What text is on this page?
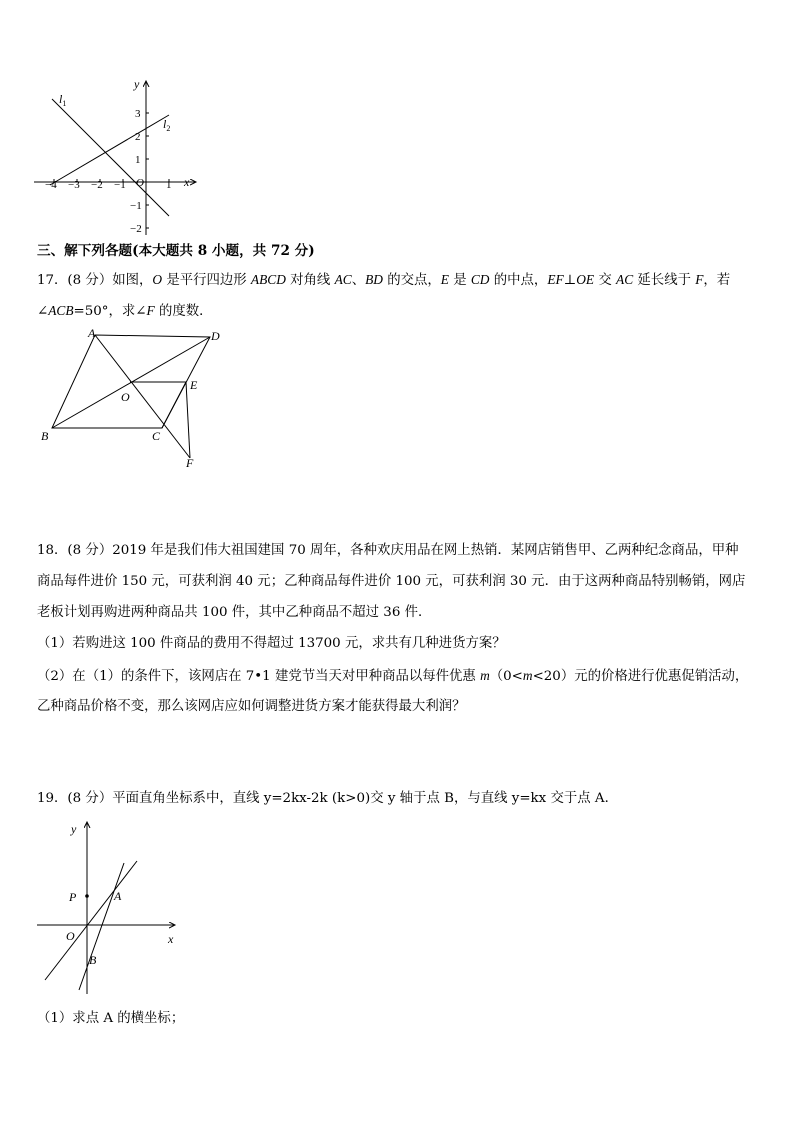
x
y
O
−4 −3 −2 −1	1
3
2
1
−1
−2
$l_1$
$l_2$

三、解下列各题(本大题共 8 小题，共 72 分)

17．(8 分）如图，O 是平行四边形 ABCD 对角线 AC、BD 的交点，E 是 CD 的中点，EF⊥OE 交 AC 延长线于 F，若

∠ACB=50°，求∠F 的度数．

A	D
E
O
B	C
F

18．(8 分）2019 年是我们伟大祖国建国 70 周年，各种欢庆用品在网上热销．某网店销售甲、乙两种纪念商品，甲种

商品每件进价 150 元，可获利润 40 元；乙种商品每件进价 100 元，可获利润 30 元．由于这两种商品特别畅销，网店

老板计划再购进两种商品共 100 件，其中乙种商品不超过 36 件．

（1）若购进这 100 件商品的费用不得超过 13700 元，求共有几种进货方案？

（2）在（1）的条件下，该网店在 7•1 建党节当天对甲种商品以每件优惠 m（0<m<20）元的价格进行优惠促销活动，

乙种商品价格不变，那么该网店应如何调整进货方案才能获得最大利润？

19．(8 分）平面直角坐标系中，直线 y=2kx-2k (k>0)交 y 轴于点 B，与直线 y=kx 交于点 A．

x
y
O
P	A
B

（1）求点 A 的横坐标；
